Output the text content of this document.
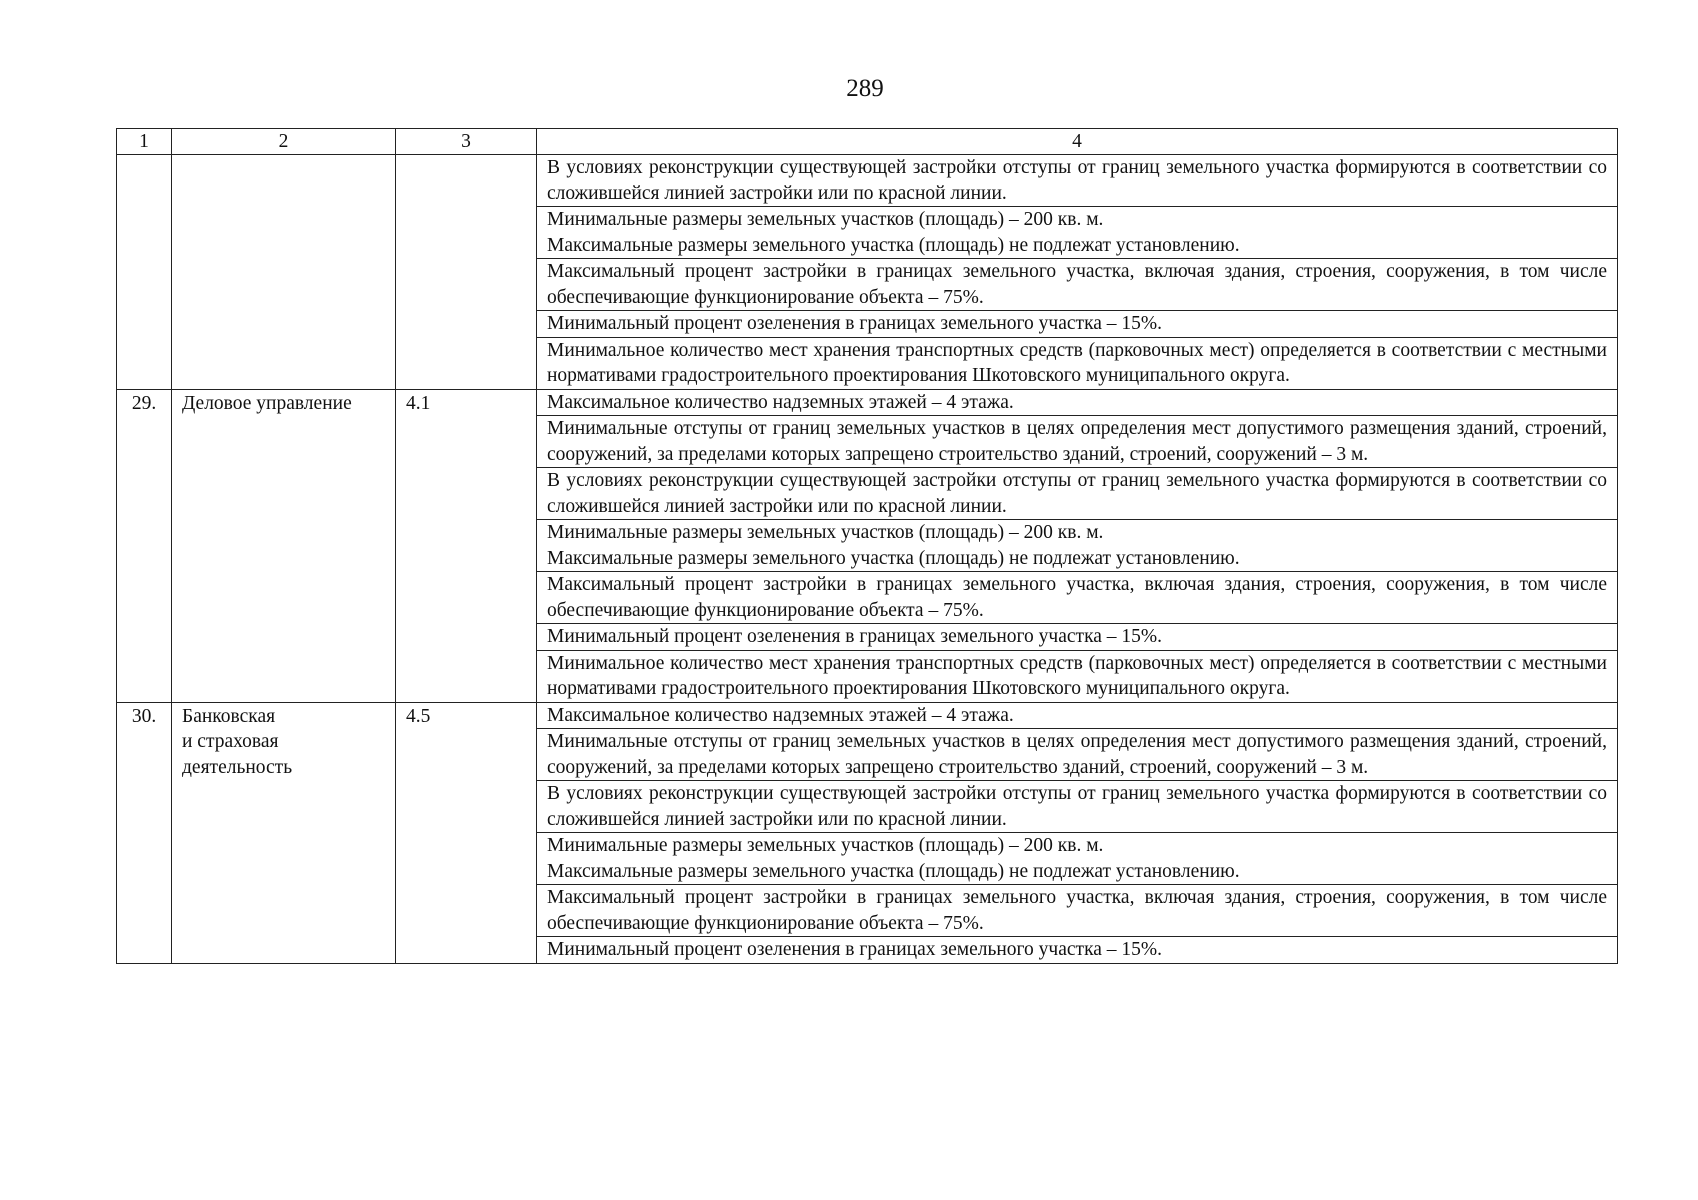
289
1	2	3	4

			В условиях реконструкции существующей застройки отступы от границ земельного участка формируются в соответствии со сложившейся линией застройки или по красной линии.

			Минимальные размеры земельных участков (площадь) – 200 кв. м.
Максимальные размеры земельного участка (площадь) не подлежат установлению.

			Максимальный процент застройки в границах земельного участка, включая здания, строения, сооружения, в том числе обеспечивающие функционирование объекта – 75%.

			Минимальный процент озеленения в границах земельного участка – 15%.

			Минимальное количество мест хранения транспортных средств (парковочных мест) определяется в соответствии с местными нормативами градостроительного проектирования Шкотовского муниципального округа.

29.	Деловое управление	4.1	Максимальное количество надземных этажей – 4 этажа.

			Минимальные отступы от границ земельных участков в целях определения мест допустимого размещения зданий, строений, сооружений, за пределами которых запрещено строительство зданий, строений, сооружений – 3 м.

			В условиях реконструкции существующей застройки отступы от границ земельного участка формируются в соответствии со сложившейся линией застройки или по красной линии.

			Минимальные размеры земельных участков (площадь) – 200 кв. м.
Максимальные размеры земельного участка (площадь) не подлежат установлению.

			Максимальный процент застройки в границах земельного участка, включая здания, строения, сооружения, в том числе обеспечивающие функционирование объекта – 75%.

			Минимальный процент озеленения в границах земельного участка – 15%.

			Минимальное количество мест хранения транспортных средств (парковочных мест) определяется в соответствии с местными нормативами градостроительного проектирования Шкотовского муниципального округа.

30.	Банковская
и страховая
деятельность	4.5	Максимальное количество надземных этажей – 4 этажа.

			Минимальные отступы от границ земельных участков в целях определения мест допустимого размещения зданий, строений, сооружений, за пределами которых запрещено строительство зданий, строений, сооружений – 3 м.

			В условиях реконструкции существующей застройки отступы от границ земельного участка формируются в соответствии со сложившейся линией застройки или по красной линии.

			Минимальные размеры земельных участков (площадь) – 200 кв. м.
Максимальные размеры земельного участка (площадь) не подлежат установлению.

			Максимальный процент застройки в границах земельного участка, включая здания, строения, сооружения, в том числе обеспечивающие функционирование объекта – 75%.

			Минимальный процент озеленения в границах земельного участка – 15%.
